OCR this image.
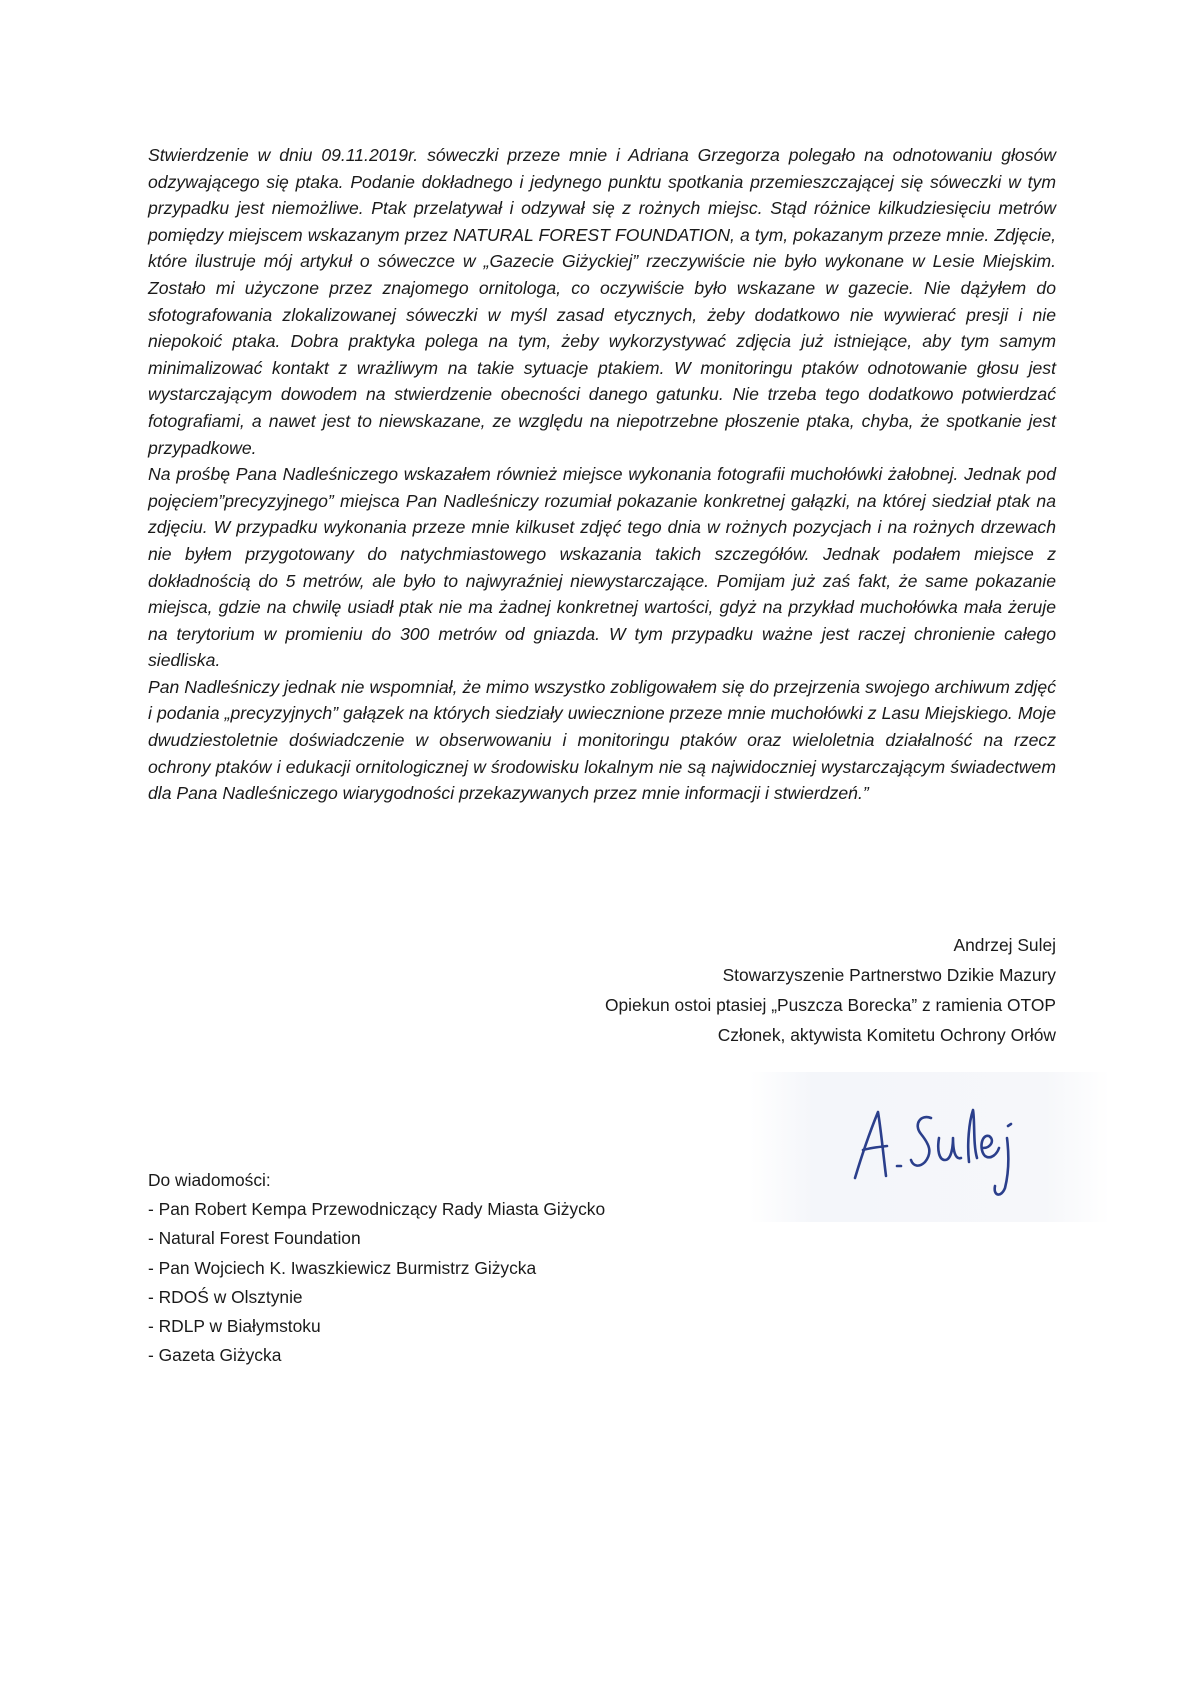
Stwierdzenie w dniu 09.11.2019r. sóweczki przeze mnie i Adriana Grzegorza polegało na odnotowaniu głosów odzywającego się ptaka. Podanie dokładnego i jedynego punktu spotkania przemieszczającej się sóweczki w tym przypadku jest niemożliwe. Ptak przelatywał i odzywał się z rożnych miejsc. Stąd różnice kilkudziesięciu metrów pomiędzy miejscem wskazanym przez NATURAL FOREST FOUNDATION, a tym, pokazanym przeze mnie. Zdjęcie, które ilustruje mój artykuł o sóweczce w „Gazecie Giżyckiej” rzeczywiście nie było wykonane w Lesie Miejskim. Zostało mi użyczone przez znajomego ornitologa, co oczywiście było wskazane w gazecie. Nie dążyłem do sfotografowania zlokalizowanej sóweczki w myśl zasad etycznych, żeby dodatkowo nie wywierać presji i nie niepokoić ptaka. Dobra praktyka polega na tym, żeby wykorzystywać zdjęcia już istniejące, aby tym samym minimalizować kontakt z wrażliwym na takie sytuacje ptakiem. W monitoringu ptaków odnotowanie głosu jest wystarczającym dowodem na stwierdzenie obecności danego gatunku. Nie trzeba tego dodatkowo potwierdzać fotografiami, a nawet jest to niewskazane, ze względu na niepotrzebne płoszenie ptaka, chyba, że spotkanie jest przypadkowe.

Na prośbę Pana Nadleśniczego wskazałem również miejsce wykonania fotografii muchołówki żałobnej. Jednak pod pojęciem”precyzyjnego” miejsca Pan Nadleśniczy rozumiał pokazanie konkretnej gałązki, na której siedział ptak na zdjęciu. W przypadku wykonania przeze mnie kilkuset zdjęć tego dnia w rożnych pozycjach i na rożnych drzewach nie byłem przygotowany do natychmiastowego wskazania takich szczegółów. Jednak podałem miejsce z dokładnością do 5 metrów, ale było to najwyraźniej niewystarczające. Pomijam już zaś fakt, że same pokazanie miejsca, gdzie na chwilę usiadł ptak nie ma żadnej konkretnej wartości, gdyż na przykład muchołówka mała żeruje na terytorium w promieniu do 300 metrów od gniazda. W tym przypadku ważne jest raczej chronienie całego siedliska.

Pan Nadleśniczy jednak nie wspomniał, że mimo wszystko zobligowałem się do przejrzenia swojego archiwum zdjęć i podania „precyzyjnych” gałązek na których siedziały uwiecznione przeze mnie muchołówki z Lasu Miejskiego. Moje dwudziestoletnie doświadczenie w obserwowaniu i monitoringu ptaków oraz wieloletnia działalność na rzecz ochrony ptaków i edukacji ornitologicznej w środowisku lokalnym nie są najwidoczniej wystarczającym świadectwem dla Pana Nadleśniczego wiarygodności przekazywanych przez mnie informacji i stwierdzeń.”

Andrzej Sulej
Stowarzyszenie Partnerstwo Dzikie Mazury
Opiekun ostoi ptasiej „Puszcza Borecka” z ramienia OTOP
Członek, aktywista Komitetu Ochrony Orłów
Do wiadomości:
- Pan Robert Kempa Przewodniczący Rady Miasta Giżycko
- Natural Forest Foundation
- Pan Wojciech K. Iwaszkiewicz Burmistrz Giżycka
- RDOŚ w Olsztynie
- RDLP w Białymstoku
- Gazeta Giżycka
